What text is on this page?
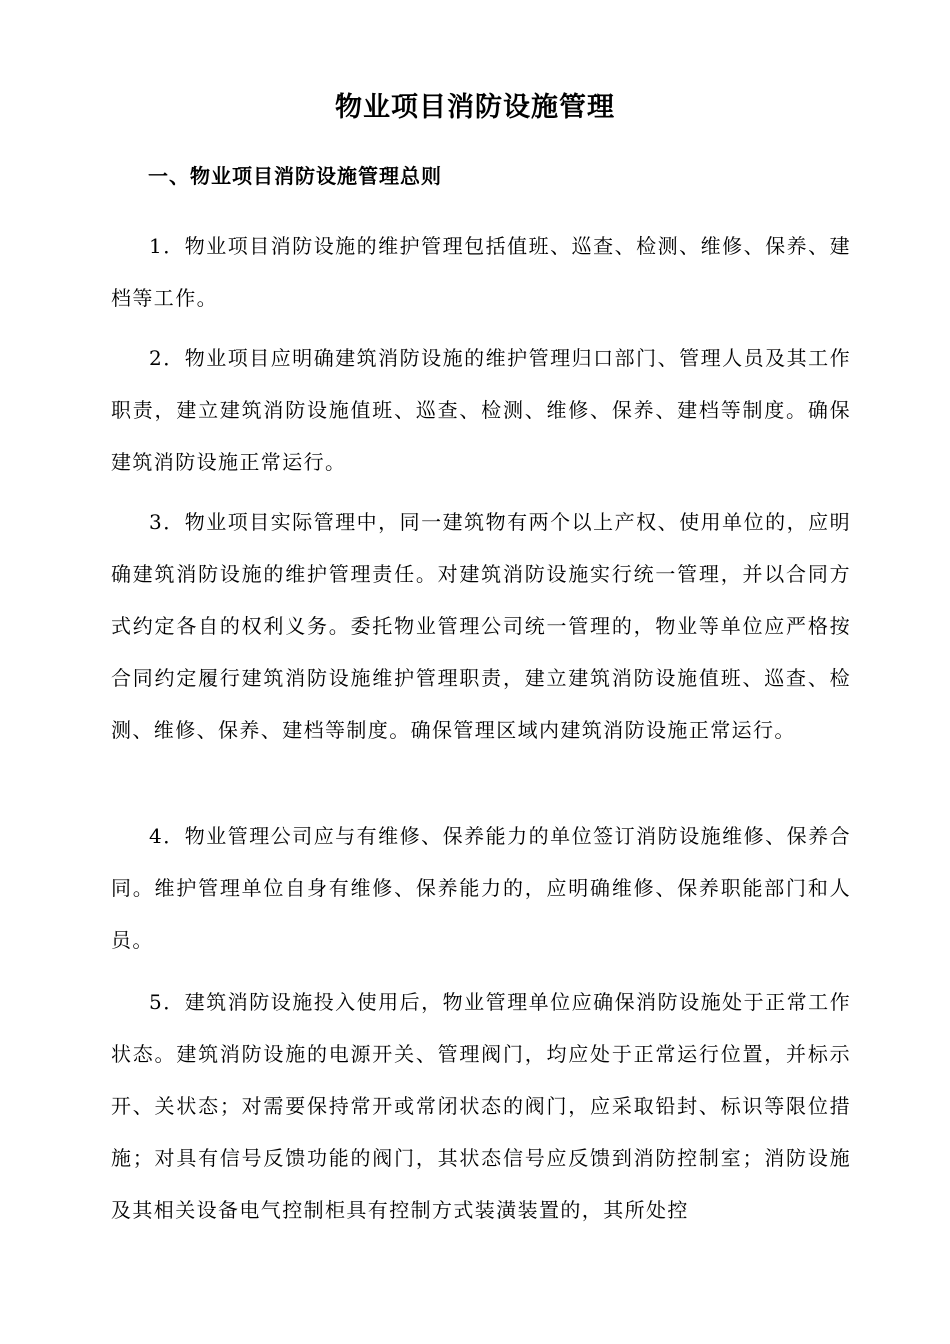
物业项目消防设施管理
一、物业项目消防设施管理总则

1．物业项目消防设施的维护管理包括值班、巡查、检测、维修、保养、建档等工作。

2．物业项目应明确建筑消防设施的维护管理归口部门、管理人员及其工作职责，建立建筑消防设施值班、巡查、检测、维修、保养、建档等制度。确保建筑消防设施正常运行。

3．物业项目实际管理中，同一建筑物有两个以上产权、使用单位的，应明确建筑消防设施的维护管理责任。对建筑消防设施实行统一管理，并以合同方式约定各自的权利义务。委托物业管理公司统一管理的，物业等单位应严格按合同约定履行建筑消防设施维护管理职责，建立建筑消防设施值班、巡查、检测、维修、保养、建档等制度。确保管理区域内建筑消防设施正常运行。

4．物业管理公司应与有维修、保养能力的单位签订消防设施维修、保养合同。维护管理单位自身有维修、保养能力的，应明确维修、保养职能部门和人员。

5．建筑消防设施投入使用后，物业管理单位应确保消防设施处于正常工作状态。建筑消防设施的电源开关、管理阀门，均应处于正常运行位置，并标示开、关状态；对需要保持常开或常闭状态的阀门，应采取铅封、标识等限位措施；对具有信号反馈功能的阀门，其状态信号应反馈到消防控制室；消防设施及其相关设备电气控制柜具有控制方式装潢装置的，其所处控
